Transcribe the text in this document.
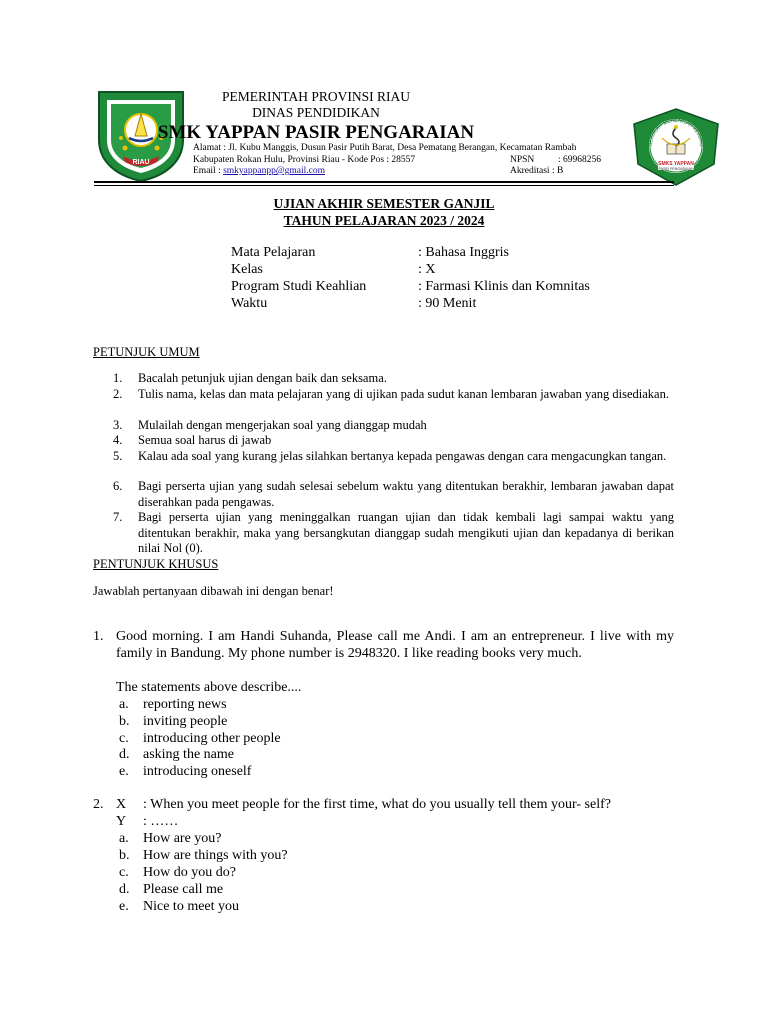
RIAU
PEMERINTAH PROVINSI RIAU
DINAS PENDIDIKAN
SMK YAPPAN PASIR PENGARAIAN
Alamat : Jl. Kubu Manggis, Dusun Pasir Putih Barat, Desa Pematang Berangan, Kecamatan Rambah
Kabupaten Rokan Hulu, Provinsi Riau - Kode Pos : 28557	NPSN : 69968256
Email : smkyappanpp@gmail.com	Akreditasi : B
SEKOLAH MENENGAH KEJURU
SMKS YAPPAN
PASIR PENGARAIAN
UJIAN AKHIR SEMESTER GANJIL
TAHUN PELAJARAN 2023 / 2024
Mata Pelajaran	: Bahasa Inggris
Kelas	: X
Program Studi Keahlian	: Farmasi Klinis dan Komnitas
Waktu	: 90 Menit
PETUNJUK UMUM
1. Bacalah petunjuk ujian dengan baik dan seksama.
2. Tulis nama, kelas dan mata pelajaran yang di ujikan pada sudut kanan lembaran jawaban yang disediakan.
3. Mulailah dengan mengerjakan soal yang dianggap mudah
4. Semua soal harus di jawab
5. Kalau ada soal yang kurang jelas silahkan bertanya kepada pengawas dengan cara mengacungkan tangan.
6. Bagi perserta ujian yang sudah selesai sebelum waktu yang ditentukan berakhir, lembaran jawaban dapat diserahkan pada pengawas.
7. Bagi perserta ujian yang meninggalkan ruangan ujian dan tidak kembali lagi sampai waktu yang ditentukan berakhir, maka yang bersangkutan dianggap sudah mengikuti ujian dan kepadanya di berikan nilai Nol (0).
PENTUNJUK KHUSUS
Jawablah pertanyaan dibawah ini dengan benar!
1. Good morning. I am Handi Suhanda, Please call me Andi. I am an entrepreneur. I live with my family in Bandung. My phone number is 2948320. I like reading books very much.
The statements above describe....
a. reporting news
b. inviting people
c. introducing other people
d. asking the name
e. introducing oneself
2. X : When you meet people for the first time, what do you usually tell them your- self?
Y : ……
a. How are you?
b. How are things with you?
c. How do you do?
d. Please call me
e. Nice to meet you
